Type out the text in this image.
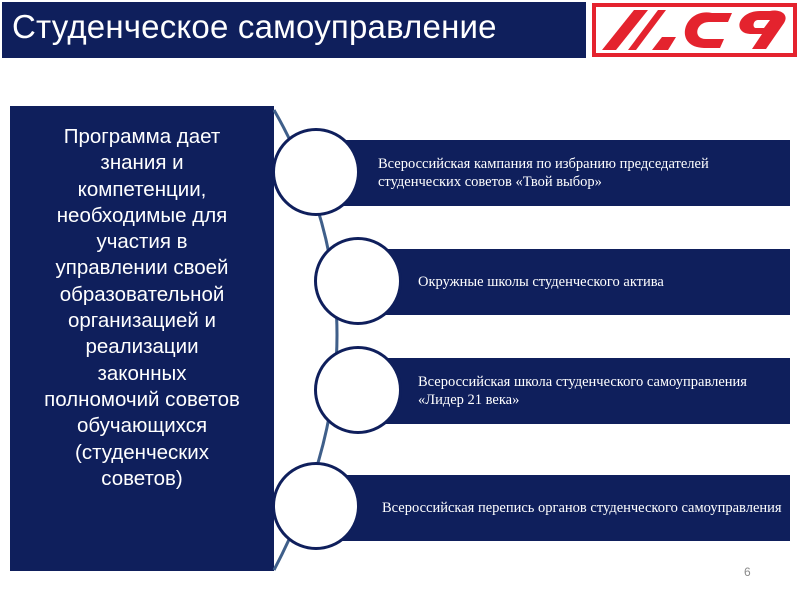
Студенческое самоуправление
Программа дает
знания и
компетенции,
необходимые для
участия в
управлении своей
образовательной
организацией и
реализации
законных
полномочий советов
обучающихся
(студенческих
советов)
Всероссийская кампания по избранию председателей студенческих советов «Твой выбор»
Окружные школы студенческого актива
Всероссийская школа студенческого самоуправления «Лидер 21 века»
Всероссийская перепись органов студенческого самоуправления
6
